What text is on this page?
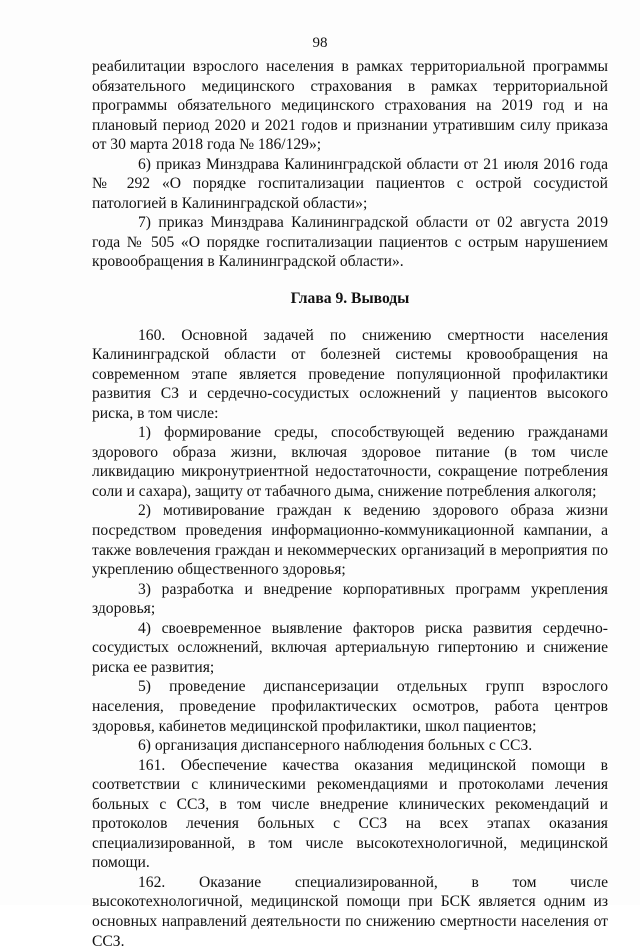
98

реабилитации взрослого населения в рамках территориальной программы обязательного медицинского страхования в рамках территориальной программы обязательного медицинского страхования на 2019 год и на плановый период 2020 и 2021 годов и признании утратившим силу приказа от 30 марта 2018 года № 186/129»;

6) приказ Минздрава Калининградской области от 21 июля 2016 года № 292 «О порядке госпитализации пациентов с острой сосудистой патологией в Калининградской области»;

7) приказ Минздрава Калининградской области от 02 августа 2019 года № 505 «О порядке госпитализации пациентов с острым нарушением кровообращения в Калининградской области».

Глава 9. Выводы

160. Основной задачей по снижению смертности населения Калининградской области от болезней системы кровообращения на современном этапе является проведение популяционной профилактики развития СЗ и сердечно-сосудистых осложнений у пациентов высокого риска, в том числе:

1) формирование среды, способствующей ведению гражданами здорового образа жизни, включая здоровое питание (в том числе ликвидацию микронутриентной недостаточности, сокращение потребления соли и сахара), защиту от табачного дыма, снижение потребления алкоголя;

2) мотивирование граждан к ведению здорового образа жизни посредством проведения информационно-коммуникационной кампании, а также вовлечения граждан и некоммерческих организаций в мероприятия по укреплению общественного здоровья;

3) разработка и внедрение корпоративных программ укрепления здоровья;

4) своевременное выявление факторов риска развития сердечно-сосудистых осложнений, включая артериальную гипертонию и снижение риска ее развития;

5) проведение диспансеризации отдельных групп взрослого населения, проведение профилактических осмотров, работа центров здоровья, кабинетов медицинской профилактики, школ пациентов;

6) организация диспансерного наблюдения больных с ССЗ.

161. Обеспечение качества оказания медицинской помощи в соответствии с клиническими рекомендациями и протоколами лечения больных с ССЗ, в том числе внедрение клинических рекомендаций и протоколов лечения больных с ССЗ на всех этапах оказания специализированной, в том числе высокотехнологичной, медицинской помощи.

162. Оказание специализированной, в том числе высокотехнологичной, медицинской помощи при БСК является одним из основных направлений деятельности по снижению смертности населения от ССЗ.
